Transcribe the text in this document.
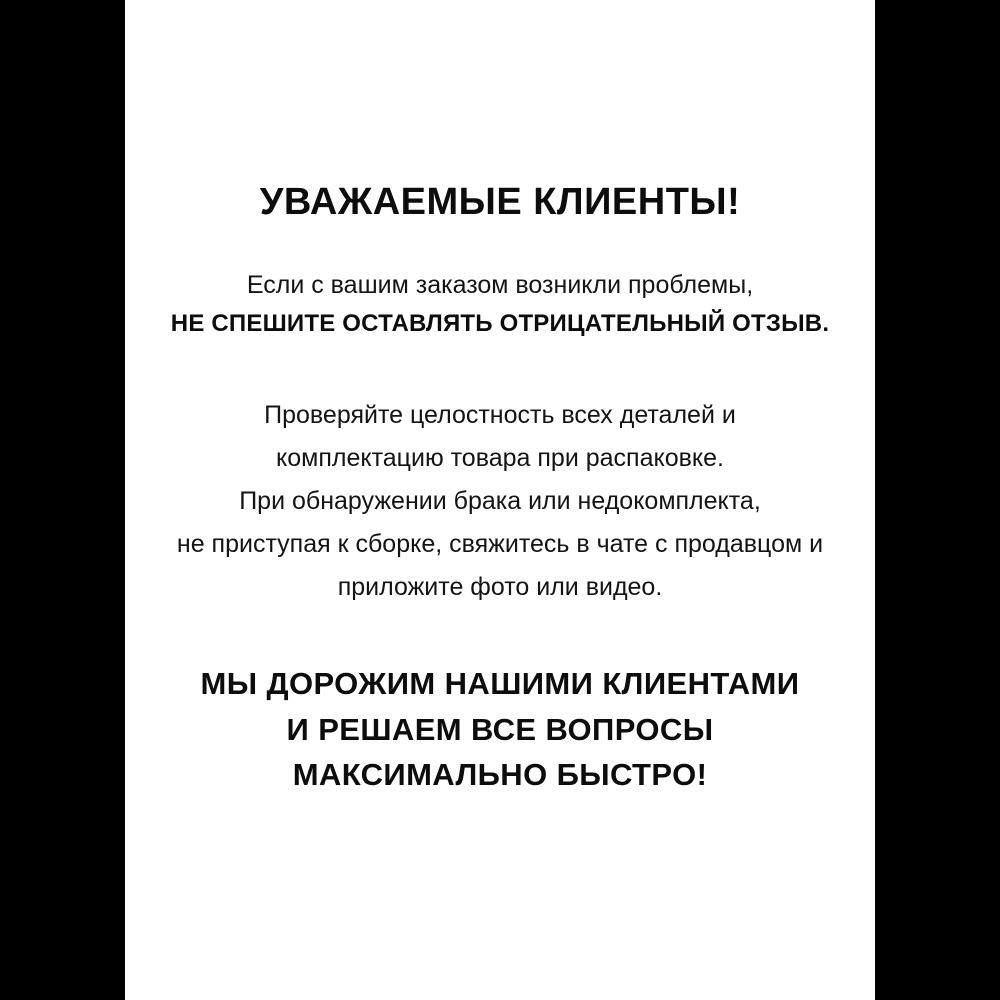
УВАЖАЕМЫЕ КЛИЕНТЫ!
Если с вашим заказом возникли проблемы,
НЕ СПЕШИТЕ ОСТАВЛЯТЬ ОТРИЦАТЕЛЬНЫЙ ОТЗЫВ.
Проверяйте целостность всех деталей и
комплектацию товара при распаковке.
При обнаружении брака или недокомплекта,
не приступая к сборке, свяжитесь в чате с продавцом и
приложите фото или видео.
МЫ ДОРОЖИМ НАШИМИ КЛИЕНТАМИ
И РЕШАЕМ ВСЕ ВОПРОСЫ
МАКСИМАЛЬНО БЫСТРО!
